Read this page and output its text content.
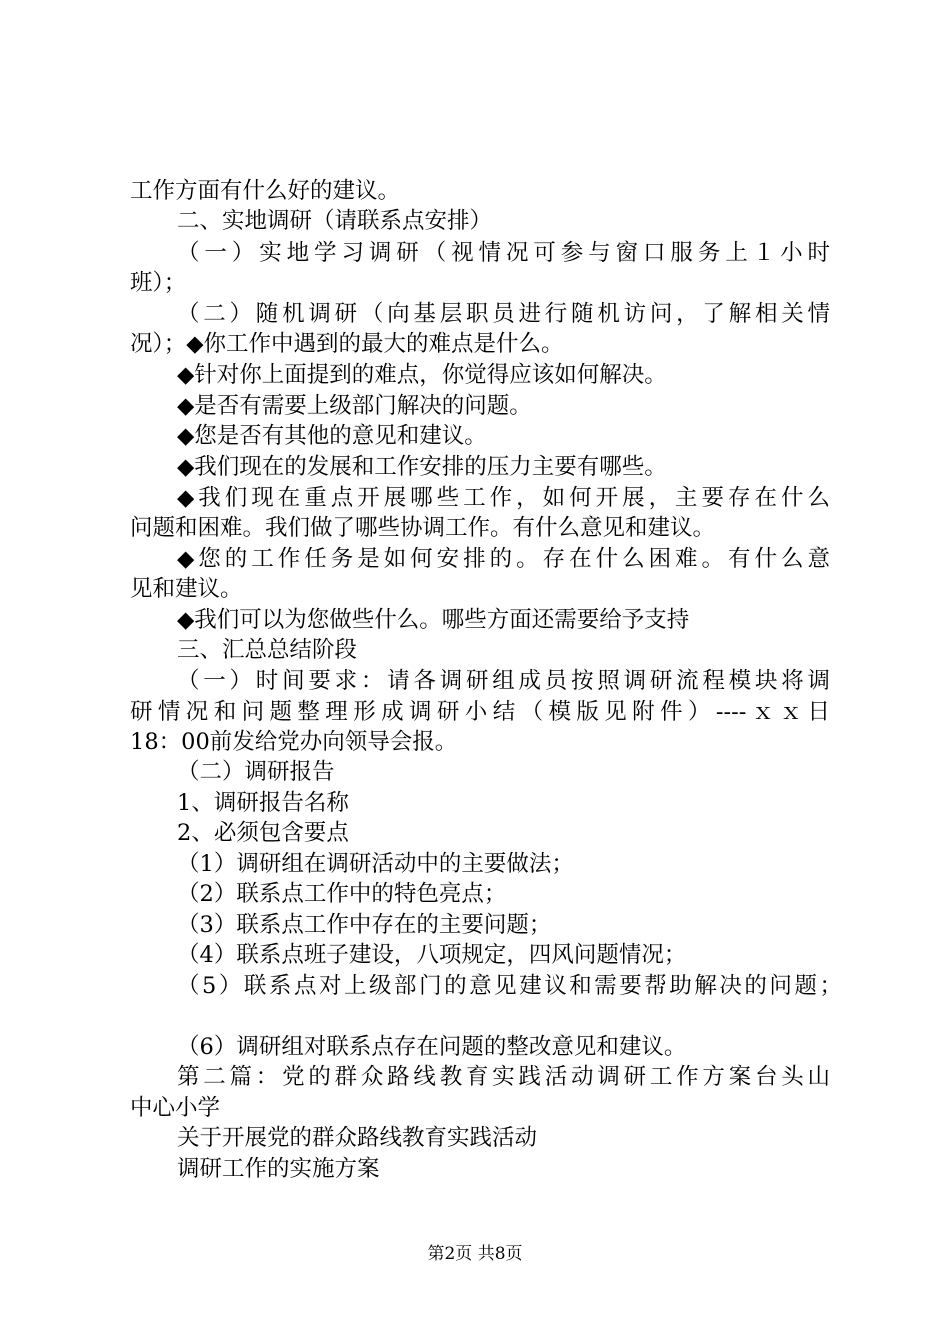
工作方面有什么好的建议。
二、实地调研（请联系点安排）
（一）实地学习调研（视情况可参与窗口服务上１小时
班）；
（二）随机调研（向基层职员进行随机访问，了解相关情
况）；◆你工作中遇到的最大的难点是什么。
◆针对你上面提到的难点，你觉得应该如何解决。
◆是否有需要上级部门解决的问题。
◆您是否有其他的意见和建议。
◆我们现在的发展和工作安排的压力主要有哪些。
◆我们现在重点开展哪些工作，如何开展，主要存在什么
问题和困难。我们做了哪些协调工作。有什么意见和建议。
◆您的工作任务是如何安排的。存在什么困难。有什么意
见和建议。
◆我们可以为您做些什么。哪些方面还需要给予支持
三、汇总总结阶段
（一）时间要求：请各调研组成员按照调研流程模块将调
研情况和问题整理形成调研小结（模版见附件）----ｘｘ日
18：00前发给党办向领导会报。
（二）调研报告
1、调研报告名称
2、必须包含要点
（1）调研组在调研活动中的主要做法；
（2）联系点工作中的特色亮点；
（3）联系点工作中存在的主要问题；
（4）联系点班子建设，八项规定，四风问题情况；
（5）联系点对上级部门的意见建议和需要帮助解决的问题；
（6）调研组对联系点存在问题的整改意见和建议。
第二篇：党的群众路线教育实践活动调研工作方案台头山
中心小学
关于开展党的群众路线教育实践活动
调研工作的实施方案
第2页 共8页
